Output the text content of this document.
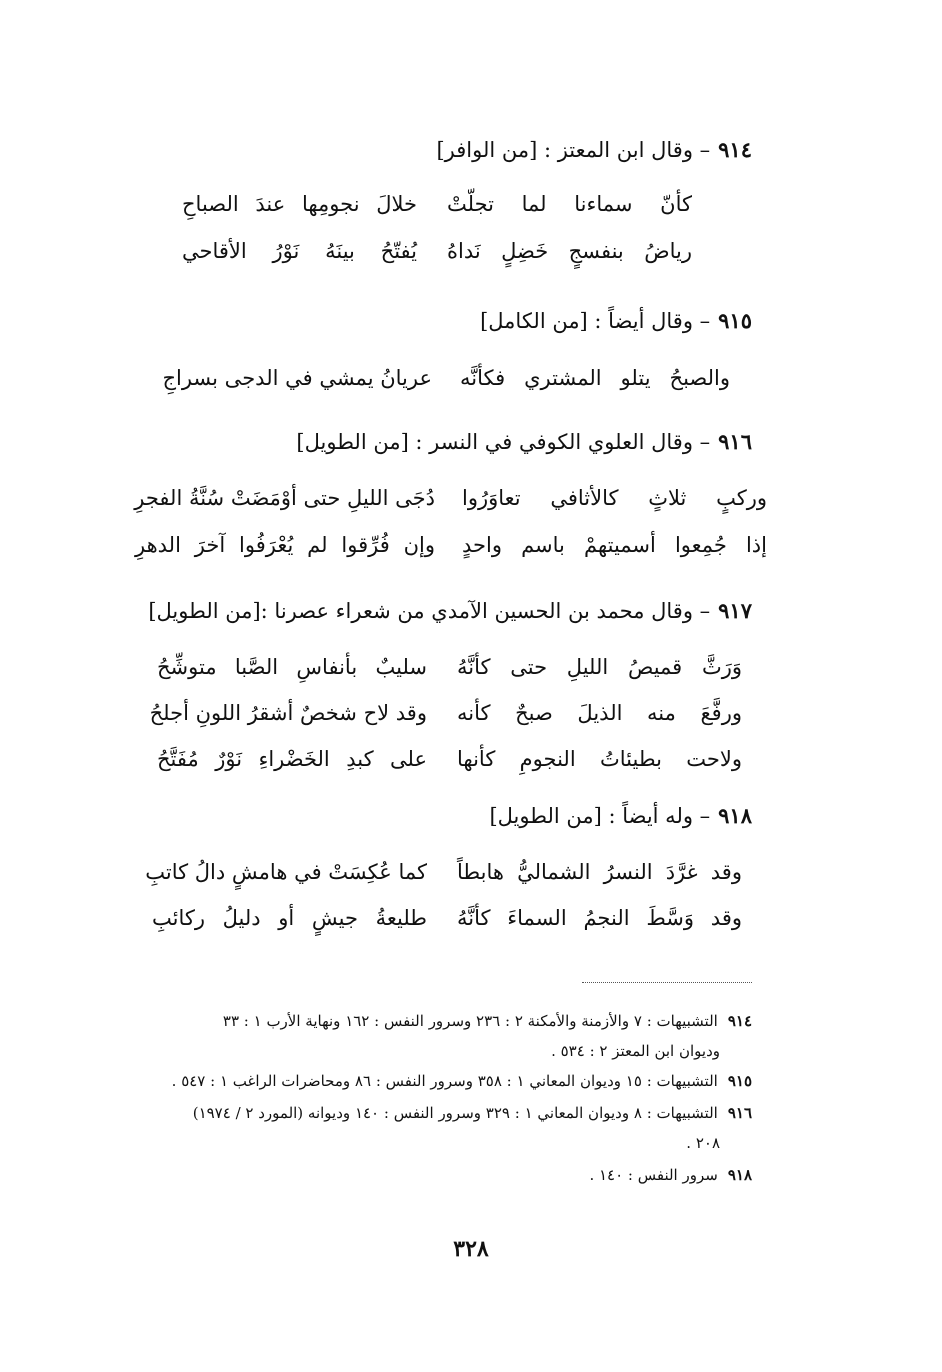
٩١٤– وقال ابن المعتز : [من الوافر]
كأنّ سماءنا لما تجلّتْ
خلالَ نجومِها عندَ الصباحِ
رياضُ بنفسجٍ خَضِلٍ نَداهُ
يُفتّحُ بينَهُ نَوْرُ الأقاحي
٩١٥– وقال أيضاً : [من الكامل]
والصبحُ يتلو المشتري فكأنَّه
عريانُ يمشي في الدجى بسراجِ
٩١٦– وقال العلوي الكوفي في النسر : [من الطويل]
وركبٍ ثلاثٍ كالأثافي تعاوَرُوا
دُجَى الليلِ حتى أوْمَضَتْ سُنَّةُ الفجرِ
إذا جُمِعوا أسميتهمْ باسم واحدٍ
وإن فُرِّقوا لم يُعْرَفُوا آخرَ الدهرِ
٩١٧– وقال محمد بن الحسين الآمدي من شعراء عصرنا :[من الطويل]
وَرَثَّ قميصُ الليلِ حتى كأنَّهُ
سليبٌ بأنفاسِ الصَّبا متوشِّحُ
ورفَّعَ منه الذيلَ صبحٌ كأنه
وقد لاح شخصٌ أشقرُ اللونِ أجلحُ
ولاحت بطيئاتُ النجومِ كأنها
على كبدِ الخَضْراءِ نَوْرٌ مُفَتَّحُ
٩١٨– وله أيضاً : [من الطويل]
وقد غرَّدَ النسرُ الشماليُّ هابطاً
كما عُكِسَتْ في هامشٍ دالُ كاتبِ
وقد وَسَّطَ النجمُ السماءَ كأنَّهُ
طليعةُ جيشٍ أو دليلُ ركائبِ
٩١٤التشبيهات : ٧ والأزمنة والأمكنة ٢ : ٢٣٦ وسرور النفس : ١٦٢ ونهاية الأرب ١ : ٣٣
وديوان ابن المعتز ٢ : ٥٣٤ .
٩١٥التشبيهات : ١٥ وديوان المعاني ١ : ٣٥٨ وسرور النفس : ٨٦ ومحاضرات الراغب ١ : ٥٤٧ .
٩١٦التشبيهات : ٨ وديوان المعاني ١ : ٣٢٩ وسرور النفس : ١٤٠ وديوانه (المورد ٢ / ١٩٧٤)
٢٠٨ .
٩١٨سرور النفس : ١٤٠ .
٣٢٨
